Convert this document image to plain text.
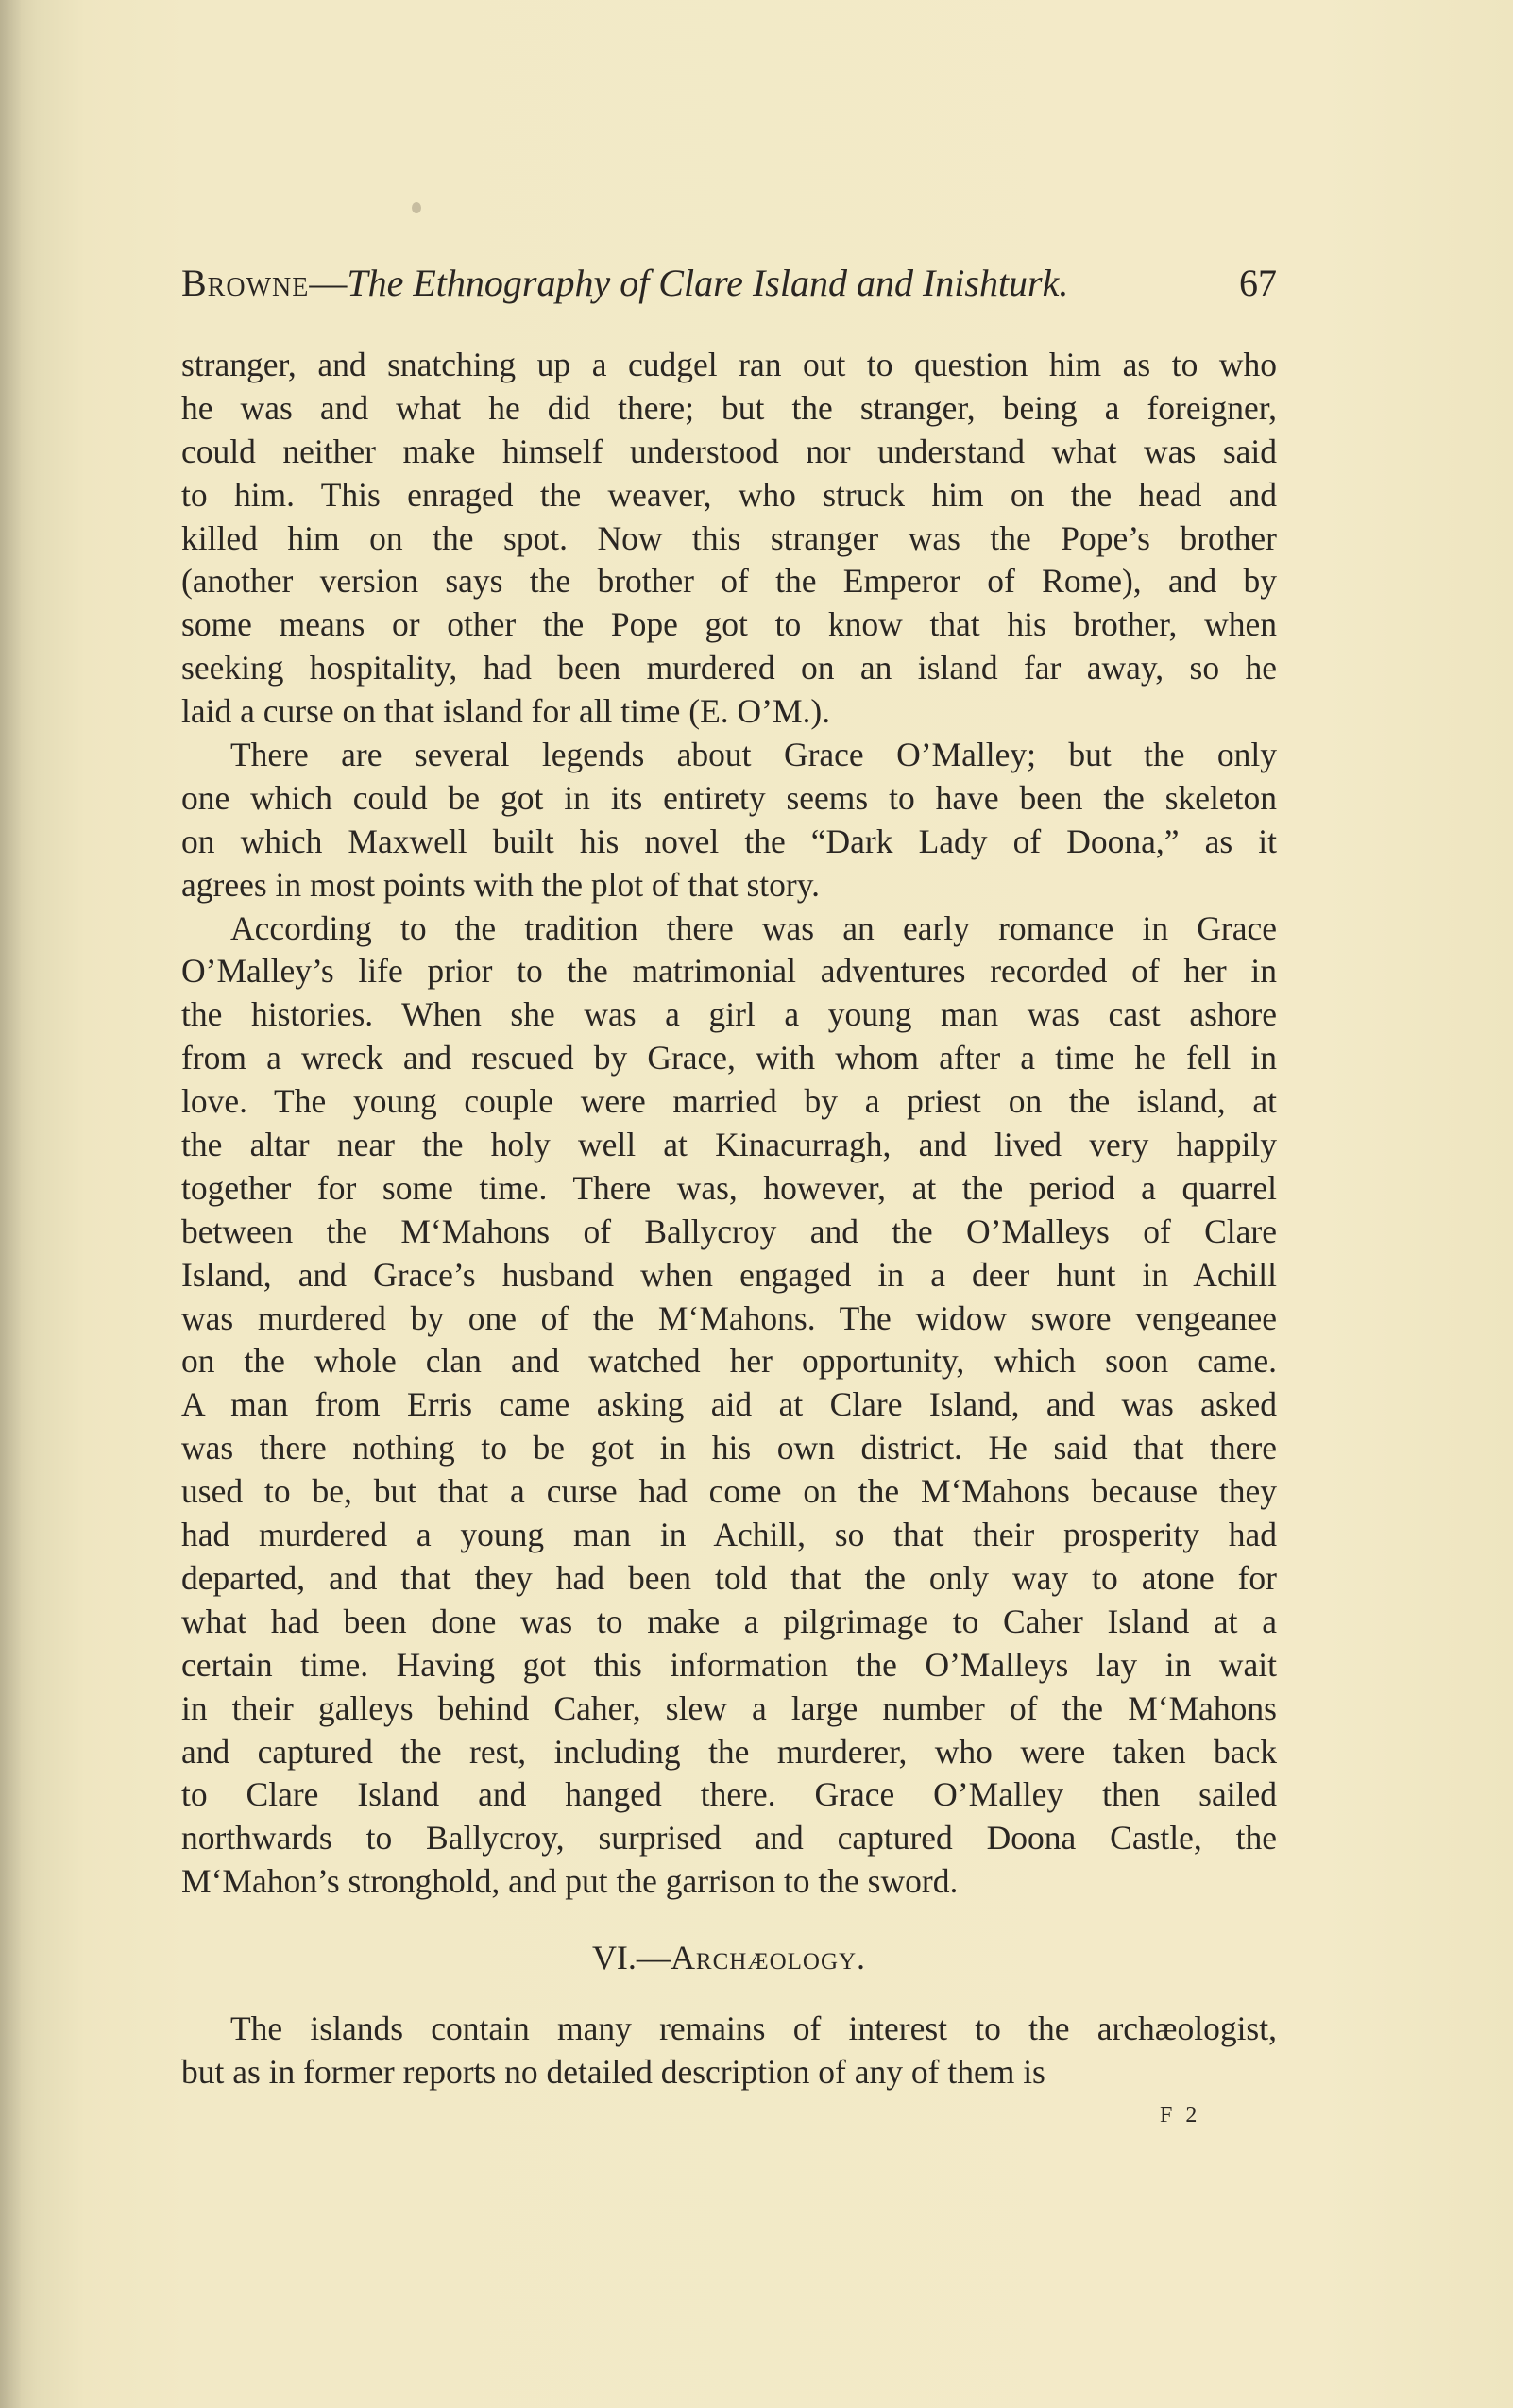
Browne—The Ethnography of Clare Island and Inishturk.	67
stranger, and snatching up a cudgel ran out to question him as to who
he was and what he did there; but the stranger, being a foreigner,
could neither make himself understood nor understand what was said
to him. This enraged the weaver, who struck him on the head and
killed him on the spot. Now this stranger was the Pope’s brother
(another version says the brother of the Emperor of Rome), and by
some means or other the Pope got to know that his brother, when
seeking hospitality, had been murdered on an island far away, so he
laid a curse on that island for all time (E. O’M.).
There are several legends about Grace O’Malley; but the only
one which could be got in its entirety seems to have been the skeleton
on which Maxwell built his novel the “Dark Lady of Doona,” as it
agrees in most points with the plot of that story.
According to the tradition there was an early romance in Grace
O’Malley’s life prior to the matrimonial adventures recorded of her in
the histories. When she was a girl a young man was cast ashore
from a wreck and rescued by Grace, with whom after a time he fell in
love. The young couple were married by a priest on the island, at
the altar near the holy well at Kinacurragh, and lived very happily
together for some time. There was, however, at the period a quarrel
between the M‘Mahons of Ballycroy and the O’Malleys of Clare
Island, and Grace’s husband when engaged in a deer hunt in Achill
was murdered by one of the M‘Mahons. The widow swore vengeanee
on the whole clan and watched her opportunity, which soon came.
A man from Erris came asking aid at Clare Island, and was asked
was there nothing to be got in his own district. He said that there
used to be, but that a curse had come on the M‘Mahons because they
had murdered a young man in Achill, so that their prosperity had
departed, and that they had been told that the only way to atone for
what had been done was to make a pilgrimage to Caher Island at a
certain time. Having got this information the O’Malleys lay in wait
in their galleys behind Caher, slew a large number of the M‘Mahons
and captured the rest, including the murderer, who were taken back
to Clare Island and hanged there. Grace O’Malley then sailed
northwards to Ballycroy, surprised and captured Doona Castle, the
M‘Mahon’s stronghold, and put the garrison to the sword.
VI.—Archæology.
The islands contain many remains of interest to the archæologist,
but as in former reports no detailed description of any of them is
F 2
